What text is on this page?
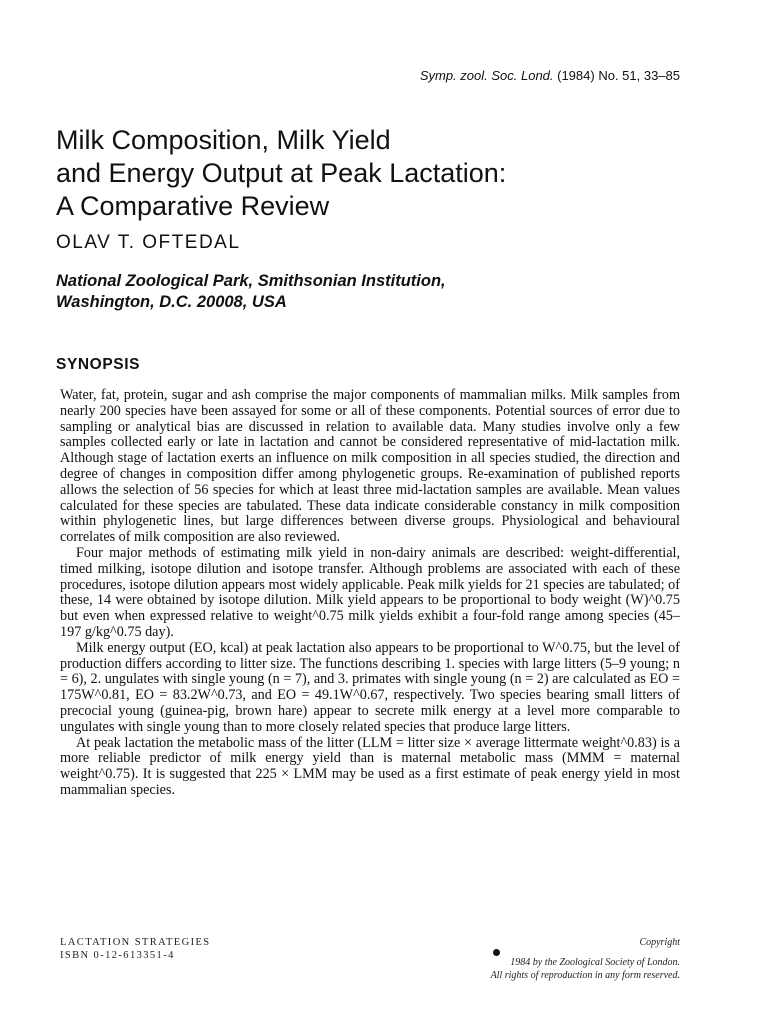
Symp. zool. Soc. Lond. (1984) No. 51, 33–85
Milk Composition, Milk Yield
and Energy Output at Peak Lactation:
A Comparative Review
OLAV T. OFTEDAL
National Zoological Park, Smithsonian Institution,
Washington, D.C. 20008, USA
SYNOPSIS

Water, fat, protein, sugar and ash comprise the major components of mammalian milks. Milk samples from nearly 200 species have been assayed for some or all of these components. Potential sources of error due to sampling or analytical bias are discussed in relation to available data. Many studies involve only a few samples collected early or late in lactation and cannot be considered representative of mid-lactation milk. Although stage of lactation exerts an influence on milk composition in all species studied, the direction and degree of changes in composition differ among phylogenetic groups. Re-examination of published reports allows the selection of 56 species for which at least three mid-lactation samples are available. Mean values calculated for these species are tabulated. These data indicate considerable constancy in milk composition within phylogenetic lines, but large differences between diverse groups. Physiological and behavioural correlates of milk composition are also reviewed.

Four major methods of estimating milk yield in non-dairy animals are described: weight-differential, timed milking, isotope dilution and isotope transfer. Although problems are associated with each of these procedures, isotope dilution appears most widely applicable. Peak milk yields for 21 species are tabulated; of these, 14 were obtained by isotope dilution. Milk yield appears to be proportional to body weight (W)^0.75 but even when expressed relative to weight^0.75 milk yields exhibit a four-fold range among species (45–197 g/kg^0.75 day).

Milk energy output (EO, kcal) at peak lactation also appears to be proportional to W^0.75, but the level of production differs according to litter size. The functions describing 1. species with large litters (5–9 young; n = 6), 2. ungulates with single young (n = 7), and 3. primates with single young (n = 2) are calculated as EO = 175W^0.81, EO = 83.2W^0.73, and EO = 49.1W^0.67, respectively. Two species bearing small litters of precocial young (guinea-pig, brown hare) appear to secrete milk energy at a level more comparable to ungulates with single young than to more closely related species that produce large litters.

At peak lactation the metabolic mass of the litter (LLM = litter size × average littermate weight^0.83) is a more reliable predictor of milk energy yield than is maternal metabolic mass (MMM = maternal weight^0.75). It is suggested that 225 × LMM may be used as a first estimate of peak energy yield in most mammalian species.

LACTATION STRATEGIES
ISBN 0-12-613351-4
Copyright
1984 by the Zoological Society of London.
All rights of reproduction in any form reserved.
